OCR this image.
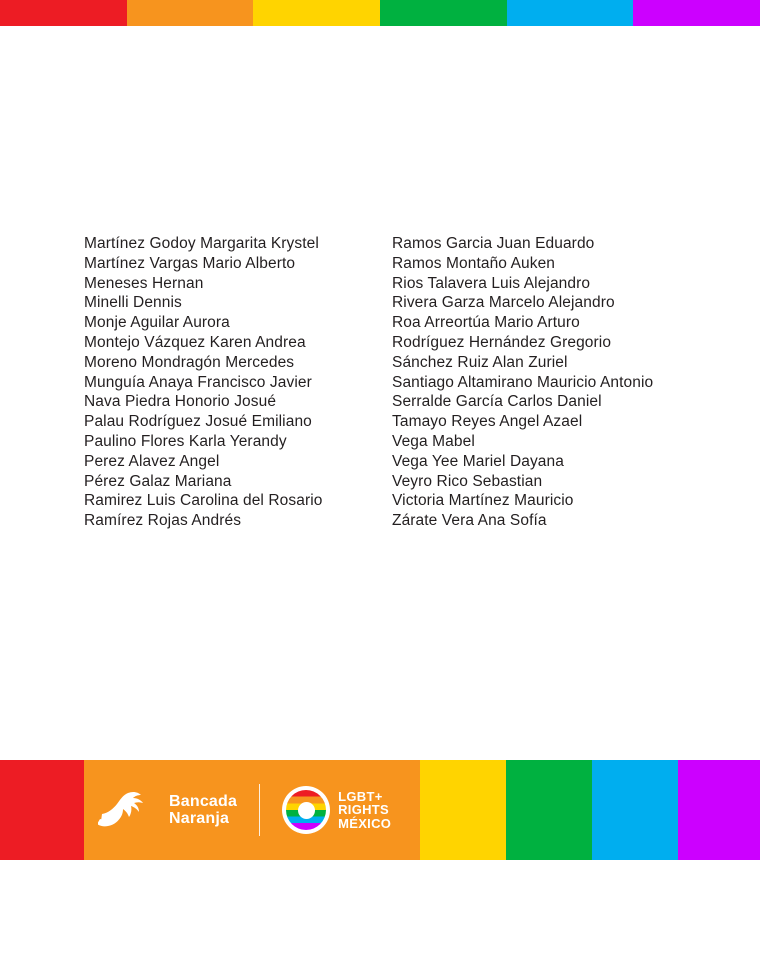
Martínez Godoy Margarita Krystel
Martínez Vargas Mario Alberto
Meneses Hernan
Minelli Dennis
Monje Aguilar Aurora
Montejo Vázquez Karen Andrea
Moreno Mondragón Mercedes
Munguía Anaya Francisco Javier
Nava Piedra Honorio Josué
Palau Rodríguez Josué Emiliano
Paulino Flores Karla Yerandy
Perez Alavez Angel
Pérez Galaz Mariana
Ramirez Luis Carolina del Rosario
Ramírez Rojas Andrés
Ramos Garcia Juan Eduardo
Ramos Montaño Auken
Rios Talavera Luis Alejandro
Rivera Garza Marcelo Alejandro
Roa Arreortúa Mario Arturo
Rodríguez Hernández Gregorio
Sánchez Ruiz Alan Zuriel
Santiago Altamirano Mauricio Antonio
Serralde García Carlos Daniel
Tamayo Reyes Angel Azael
Vega Mabel
Vega Yee Mariel Dayana
Veyro Rico Sebastian
Victoria Martínez Mauricio
Zárate Vera Ana Sofía
Bancada
Naranja
LGBT+
RIGHTS
MÉXICO
